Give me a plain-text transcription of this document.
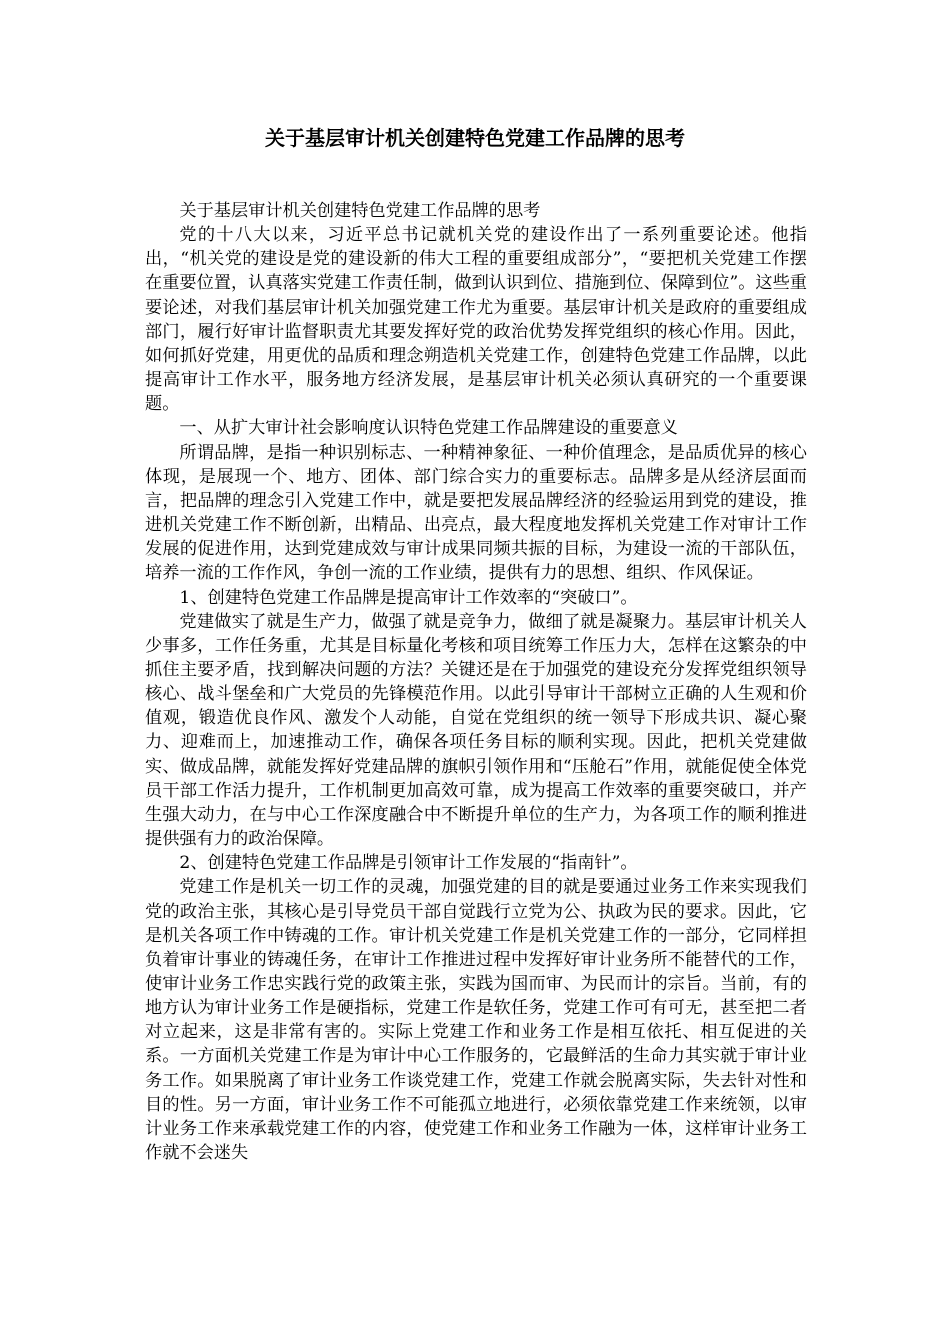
关于基层审计机关创建特色党建工作品牌的思考

关于基层审计机关创建特色党建工作品牌的思考

党的十八大以来，习近平总书记就机关党的建设作出了一系列重要论述。他指出，“机关党的建设是党的建设新的伟大工程的重要组成部分”，“要把机关党建工作摆在重要位置，认真落实党建工作责任制，做到认识到位、措施到位、保障到位”。这些重要论述，对我们基层审计机关加强党建工作尤为重要。基层审计机关是政府的重要组成部门，履行好审计监督职责尤其要发挥好党的政治优势发挥党组织的核心作用。因此，如何抓好党建，用更优的品质和理念朔造机关党建工作，创建特色党建工作品牌，以此提高审计工作水平，服务地方经济发展，是基层审计机关必须认真研究的一个重要课题。

一、从扩大审计社会影响度认识特色党建工作品牌建设的重要意义

所谓品牌，是指一种识别标志、一种精神象征、一种价值理念，是品质优异的核心体现，是展现一个、地方、团体、部门综合实力的重要标志。品牌多是从经济层面而言，把品牌的理念引入党建工作中，就是要把发展品牌经济的经验运用到党的建设，推进机关党建工作不断创新，出精品、出亮点，最大程度地发挥机关党建工作对审计工作发展的促进作用，达到党建成效与审计成果同频共振的目标，为建设一流的干部队伍，培养一流的工作作风，争创一流的工作业绩，提供有力的思想、组织、作风保证。

1、创建特色党建工作品牌是提高审计工作效率的“突破口”。

党建做实了就是生产力，做强了就是竞争力，做细了就是凝聚力。基层审计机关人少事多，工作任务重，尤其是目标量化考核和项目统筹工作压力大，怎样在这繁杂的中抓住主要矛盾，找到解决问题的方法？关键还是在于加强党的建设充分发挥党组织领导核心、战斗堡垒和广大党员的先锋模范作用。以此引导审计干部树立正确的人生观和价值观，锻造优良作风、激发个人动能，自觉在党组织的统一领导下形成共识、凝心聚力、迎难而上，加速推动工作，确保各项任务目标的顺利实现。因此，把机关党建做实、做成品牌，就能发挥好党建品牌的旗帜引领作用和“压舱石”作用，就能促使全体党员干部工作活力提升，工作机制更加高效可靠，成为提高工作效率的重要突破口，并产生强大动力，在与中心工作深度融合中不断提升单位的生产力，为各项工作的顺利推进提供强有力的政治保障。

2、创建特色党建工作品牌是引领审计工作发展的“指南针”。

党建工作是机关一切工作的灵魂，加强党建的目的就是要通过业务工作来实现我们党的政治主张，其核心是引导党员干部自觉践行立党为公、执政为民的要求。因此，它是机关各项工作中铸魂的工作。审计机关党建工作是机关党建工作的一部分，它同样担负着审计事业的铸魂任务，在审计工作推进过程中发挥好审计业务所不能替代的工作，使审计业务工作忠实践行党的政策主张，实践为国而审、为民而计的宗旨。当前，有的地方认为审计业务工作是硬指标，党建工作是软任务，党建工作可有可无，甚至把二者对立起来，这是非常有害的。实际上党建工作和业务工作是相互依托、相互促进的关系。一方面机关党建工作是为审计中心工作服务的，它最鲜活的生命力其实就于审计业务工作。如果脱离了审计业务工作谈党建工作，党建工作就会脱离实际，失去针对性和目的性。另一方面，审计业务工作不可能孤立地进行，必须依靠党建工作来统领，以审计业务工作来承载党建工作的内容，使党建工作和业务工作融为一体，这样审计业务工作就不会迷失
